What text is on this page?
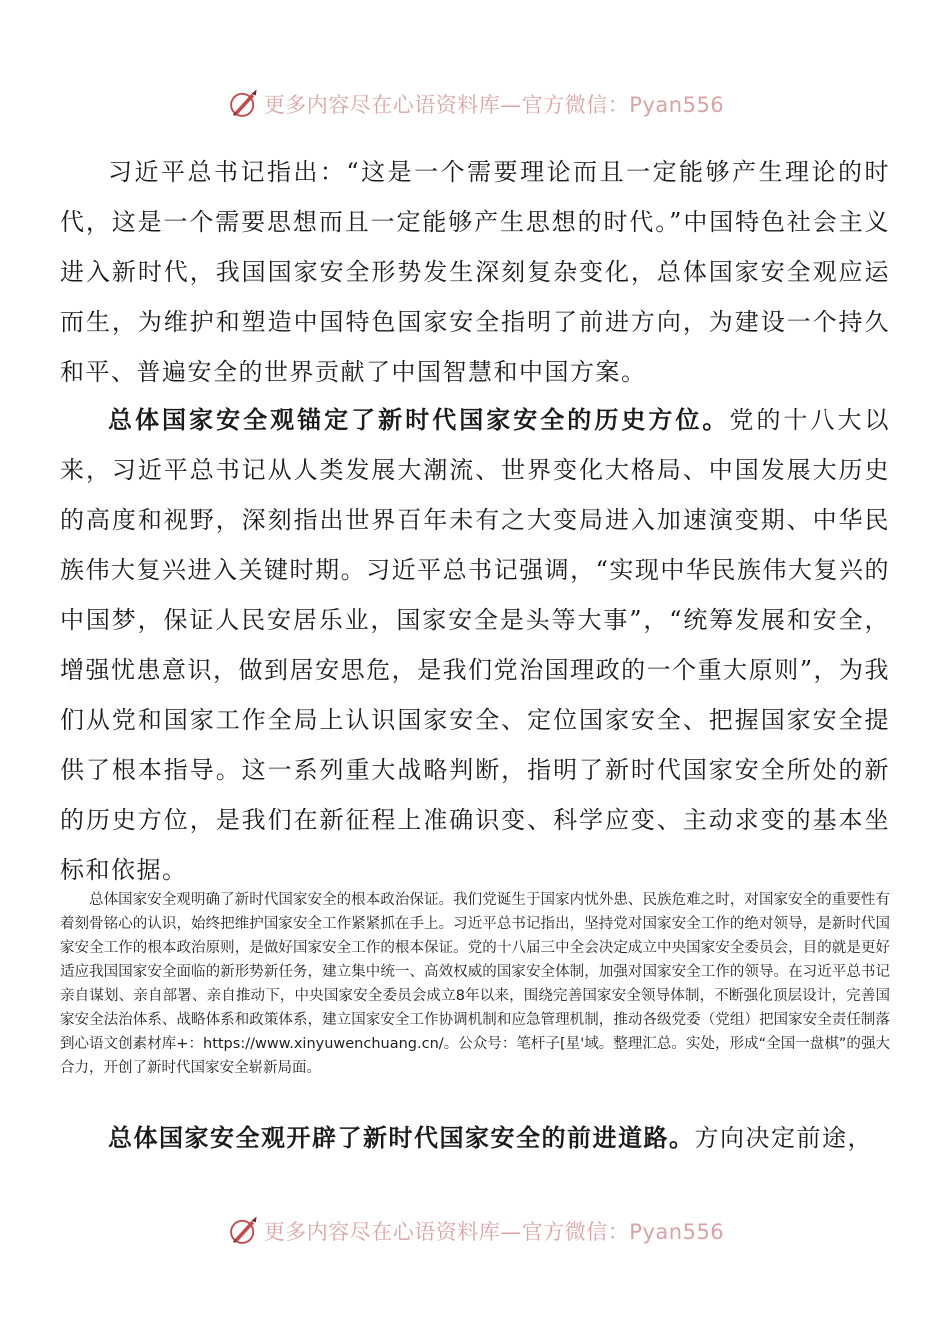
更多内容尽在心语资料库—官方微信：Pyan556

习近平总书记指出：“这是一个需要理论而且一定能够产生理论的时代，这是一个需要思想而且一定能够产生思想的时代。”中国特色社会主义进入新时代，我国国家安全形势发生深刻复杂变化，总体国家安全观应运而生，为维护和塑造中国特色国家安全指明了前进方向，为建设一个持久和平、普遍安全的世界贡献了中国智慧和中国方案。

总体国家安全观锚定了新时代国家安全的历史方位。党的十八大以来，习近平总书记从人类发展大潮流、世界变化大格局、中国发展大历史的高度和视野，深刻指出世界百年未有之大变局进入加速演变期、中华民族伟大复兴进入关键时期。习近平总书记强调，“实现中华民族伟大复兴的中国梦，保证人民安居乐业，国家安全是头等大事”，“统筹发展和安全，增强忧患意识，做到居安思危，是我们党治国理政的一个重大原则”，为我们从党和国家工作全局上认识国家安全、定位国家安全、把握国家安全提供了根本指导。这一系列重大战略判断，指明了新时代国家安全所处的新的历史方位，是我们在新征程上准确识变、科学应变、主动求变的基本坐标和依据。

总体国家安全观明确了新时代国家安全的根本政治保证。我们党诞生于国家内忧外患、民族危难之时，对国家安全的重要性有着刻骨铭心的认识，始终把维护国家安全工作紧紧抓在手上。习近平总书记指出，坚持党对国家安全工作的绝对领导，是新时代国家安全工作的根本政治原则，是做好国家安全工作的根本保证。党的十八届三中全会决定成立中央国家安全委员会，目的就是更好适应我国国家安全面临的新形势新任务，建立集中统一、高效权威的国家安全体制，加强对国家安全工作的领导。在习近平总书记亲自谋划、亲自部署、亲自推动下，中央国家安全委员会成立8年以来，围绕完善国家安全领导体制，不断强化顶层设计，完善国家安全法治体系、战略体系和政策体系，建立国家安全工作协调机制和应急管理机制，推动各级党委（党组）把国家安全责任制落到心语文创素材库+：https://www.xinyuwenchuang.cn/。公众号：笔杆子[星'域。整理汇总。实处，形成“全国一盘棋”的强大合力，开创了新时代国家安全崭新局面。

总体国家安全观开辟了新时代国家安全的前进道路。方向决定前途，

更多内容尽在心语资料库—官方微信：Pyan556
